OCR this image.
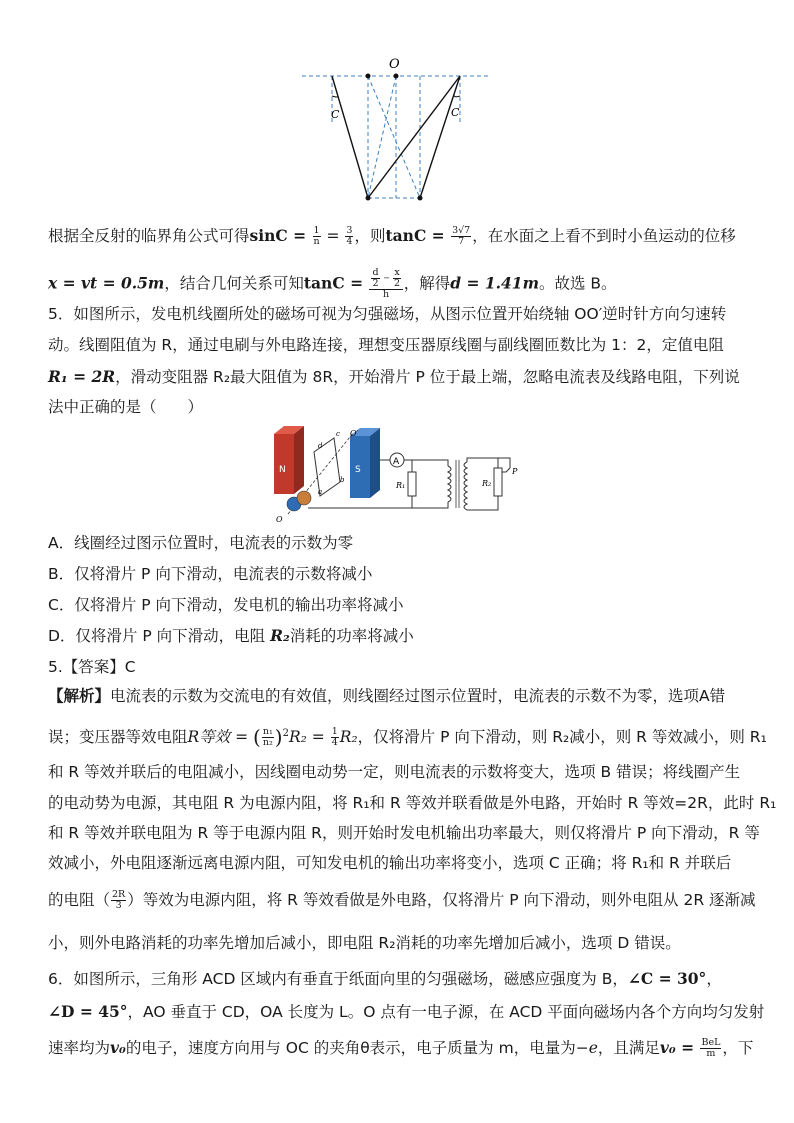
O
C	C
根据全反射的临界角公式可得$\sin C = \frac{1}{n} = \frac{3}{4}$ ，则$\tan C = \frac{3√7}{7}$ ，在水面之上看不到时小鱼运动的位移
x = vt = 0.5m，结合几何关系可知$\tan C = \frac{\frac{d}{2} - \frac{x}{2}}{h}$ ，解得d = 1.41m。故选 B。
5．如图所示，发电机线圈所处的磁场可视为匀强磁场，从图示位置开始绕轴 OO′逆时针方向匀速转
动。线圈阻值为 R，通过电刷与外电路连接，理想变压器原线圈与副线圈匝数比为 1：2，定值电阻
R₁ = 2R，滑动变阻器 R₂最大阻值为 8R，开始滑片 P 位于最上端，忽略电流表及线路电阻，下列说
法中正确的是（　　）
N	S
O
O′
a
b
c
d
A
R₁	R₂
P
A．线圈经过图示位置时，电流表的示数为零
B．仅将滑片 P 向下滑动，电流表的示数将减小
C．仅将滑片 P 向下滑动，发电机的输出功率将减小
D．仅将滑片 P 向下滑动，电阻 R₂消耗的功率将减小
5.【答案】C
【解析】电流表的示数为交流电的有效值，则线圈经过图示位置时，电流表的示数不为零，选项A错
误；变压器等效电阻R等效 = ( $\frac{\text{n₁}}{\text{n₂}} )^2R_2 = \frac{1}{4} R_2$，仅将滑片 P 向下滑动，则 R₂减小，则 R 等效减小，则 R₁
和 R 等效并联后的电阻减小，因线圈电动势一定，则电流表的示数将变大，选项 B 错误；将线圈产生
的电动势为电源，其电阻 R 为电源内阻，将 R₁和 R 等效并联看做是外电路，开始时 R 等效=2R，此时 R₁
和 R 等效并联电阻为 R 等于电源内阻 R，则开始时发电机输出功率最大，则仅将滑片 P 向下滑动，R 等
效减小，外电阻逐渐远离电源内阻，可知发电机的输出功率将变小，选项 C 正确；将 R₁和 R 并联后
的电阻（ $\frac{2R}{3}$ ）等效为电源内阻，将 R 等效看做是外电路，仅将滑片 P 向下滑动，则外电阻从 2R 逐渐减
小，则外电路消耗的功率先增加后减小，即电阻 R₂消耗的功率先增加后减小，选项 D 错误。
6．如图所示，三角形 ACD 区域内有垂直于纸面向里的匀强磁场，磁感应强度为 B，∠C = 30°，
∠D = 45°，AO 垂直于 CD，OA 长度为 L。O 点有一电子源，在 ACD 平面向磁场内各个方向均匀发射
速率均为v₀的电子，速度方向用与 OC 的夹角θ表示，电子质量为 m，电量为−e，且满足$v_0 = \frac{\text{BeL}}{m}$ ，下
